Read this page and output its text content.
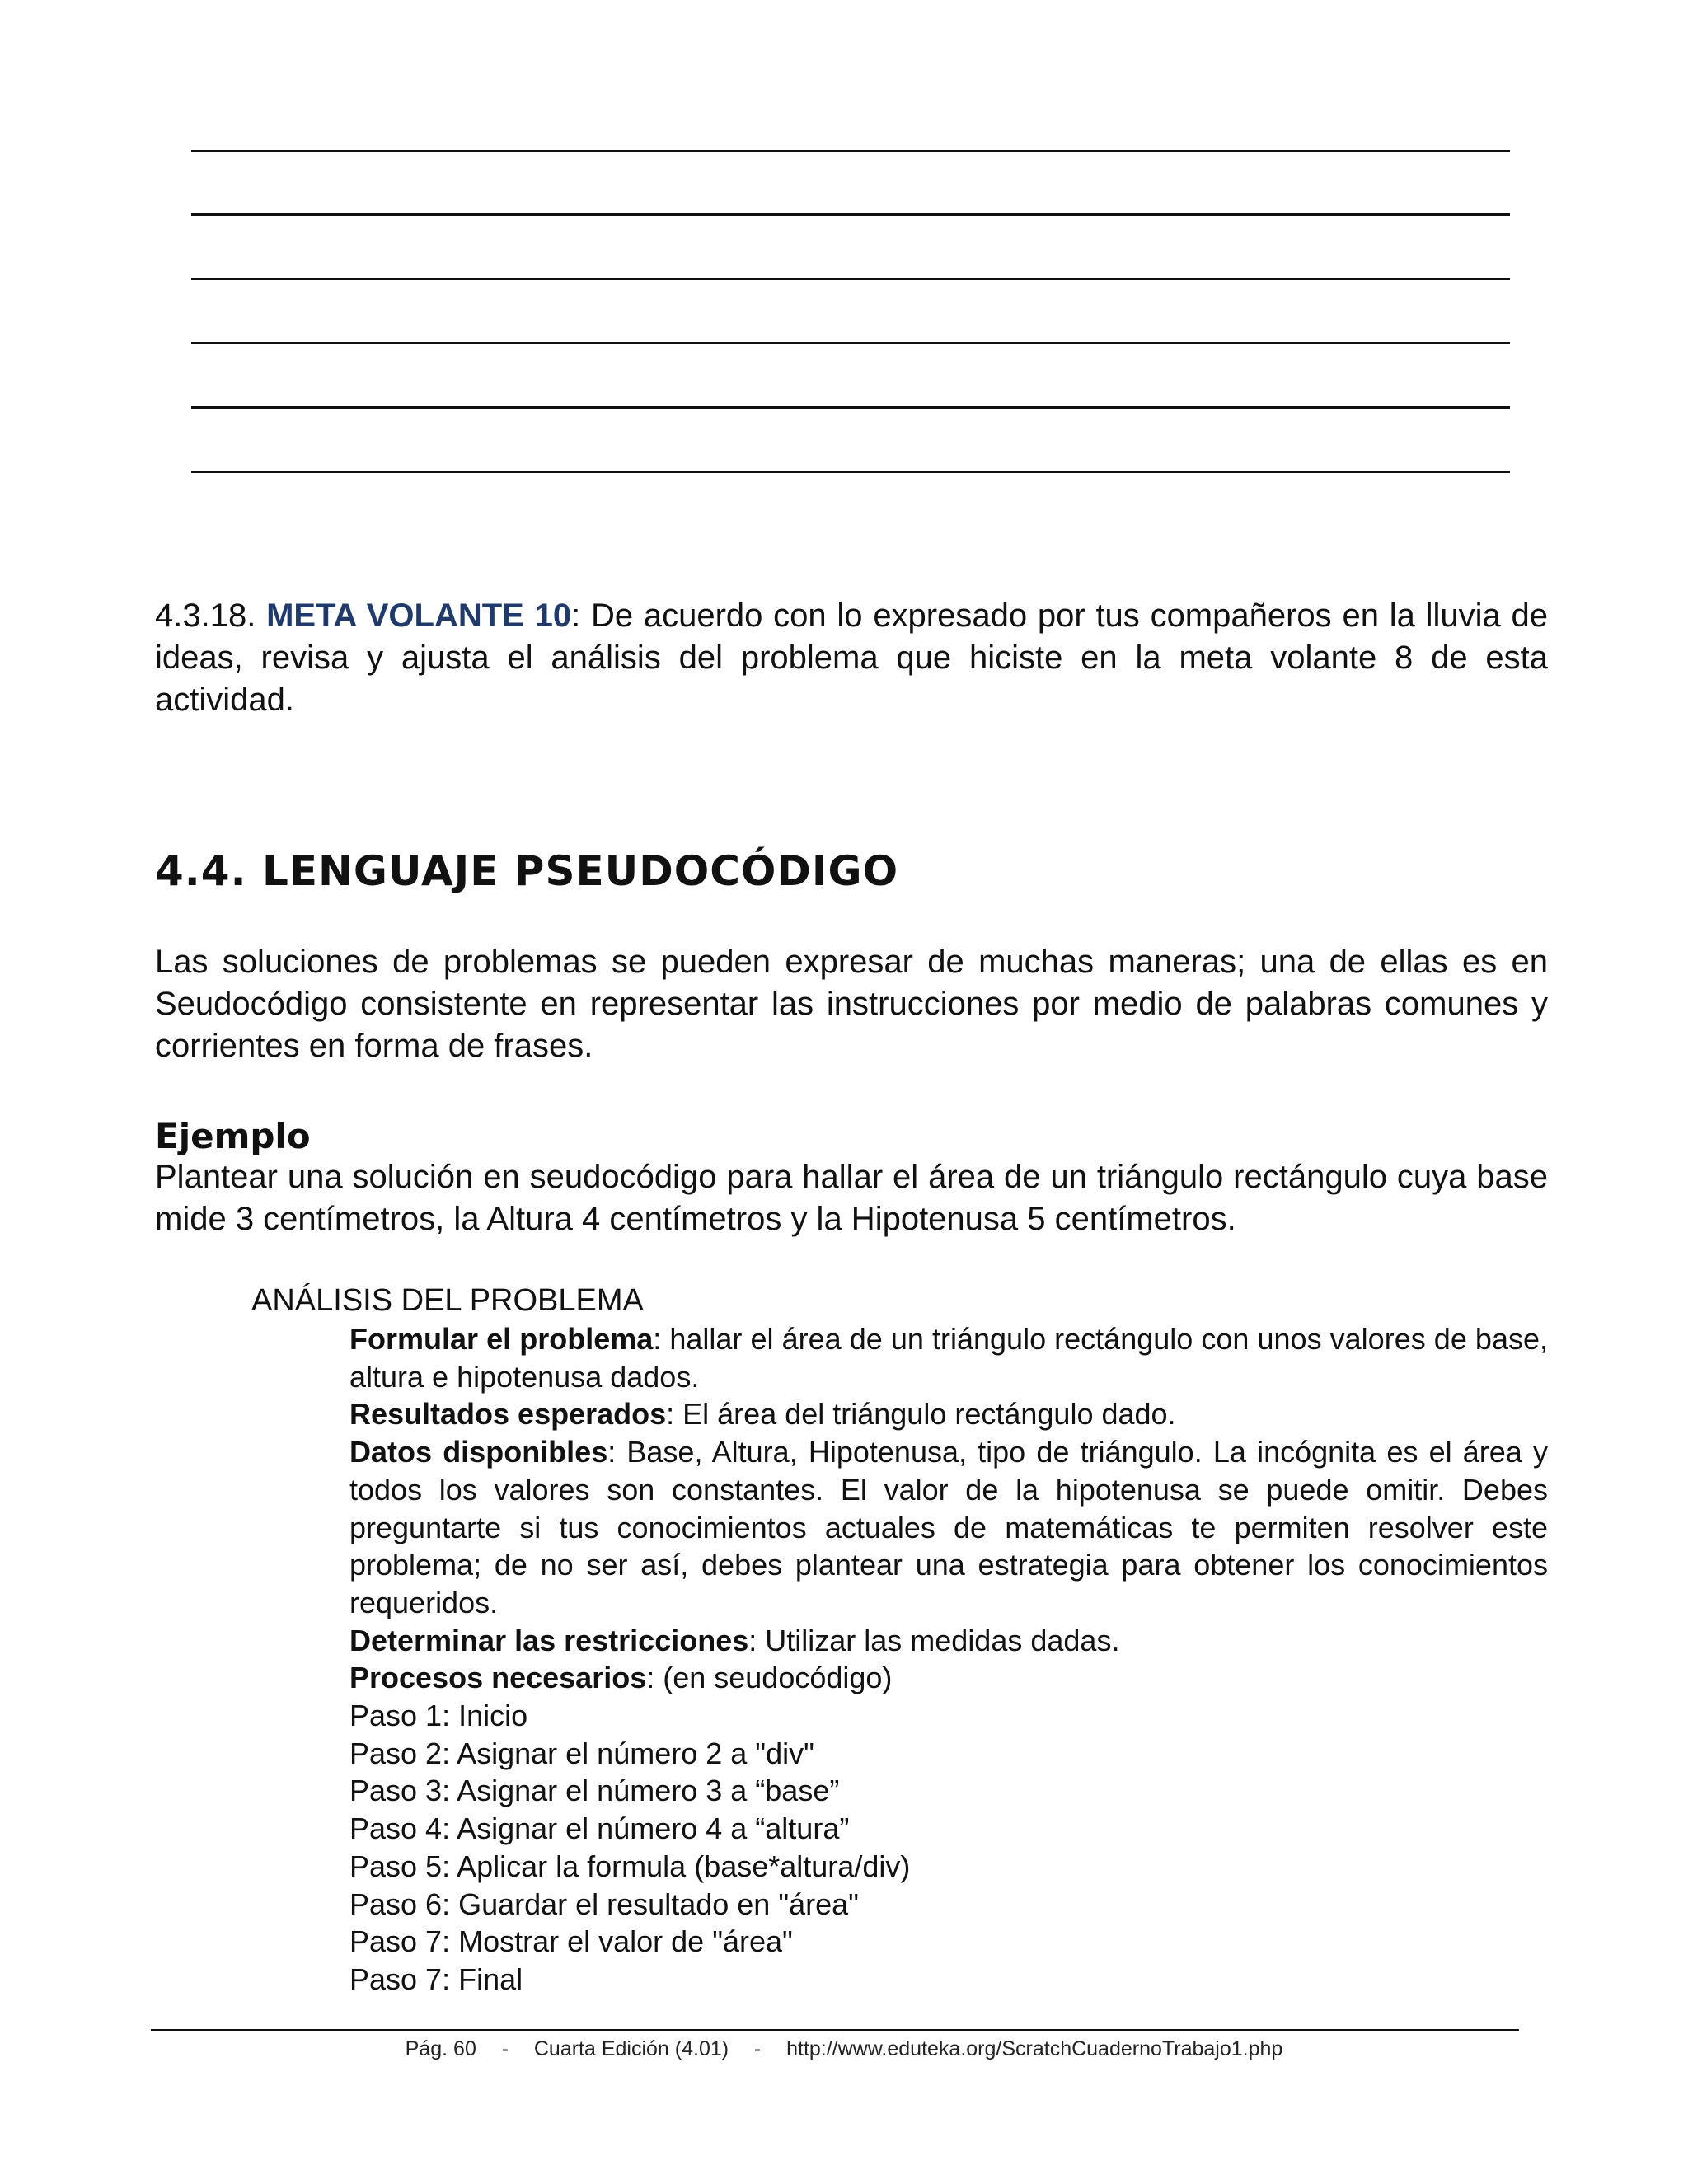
4.3.18. META VOLANTE 10: De acuerdo con lo expresado por tus compañeros en la lluvia de ideas, revisa y ajusta el análisis del problema que hiciste en la meta volante 8 de esta actividad.

4.4. LENGUAJE PSEUDOCÓDIGO

Las soluciones de problemas se pueden expresar de muchas maneras; una de ellas es en Seudocódigo consistente en representar las instrucciones por medio de palabras comunes y corrientes en forma de frases.

Ejemplo

Plantear una solución en seudocódigo para hallar el área de un triángulo rectángulo cuya base mide 3 centímetros, la Altura 4 centímetros y la Hipotenusa 5 centímetros.

ANÁLISIS DEL PROBLEMA

Formular el problema: hallar el área de un triángulo rectángulo con unos valores de base, altura e hipotenusa dados.

Resultados esperados: El área del triángulo rectángulo dado.

Datos disponibles: Base, Altura, Hipotenusa, tipo de triángulo. La incógnita es el área y todos los valores son constantes. El valor de la hipotenusa se puede omitir. Debes preguntarte si tus conocimientos actuales de matemáticas te permiten resolver este problema; de no ser así, debes plantear una estrategia para obtener los conocimientos requeridos.

Determinar las restricciones: Utilizar las medidas dadas.

Procesos necesarios: (en seudocódigo)

Paso 1: Inicio

Paso 2: Asignar el número 2 a "div"

Paso 3: Asignar el número 3 a “base”

Paso 4: Asignar el número 4 a “altura”

Paso 5: Aplicar la formula (base*altura/div)

Paso 6: Guardar el resultado en "área"

Paso 7: Mostrar el valor de "área"

Paso 7: Final

Pág. 60 - Cuarta Edición (4.01) - http://www.eduteka.org/ScratchCuadernoTrabajo1.php
